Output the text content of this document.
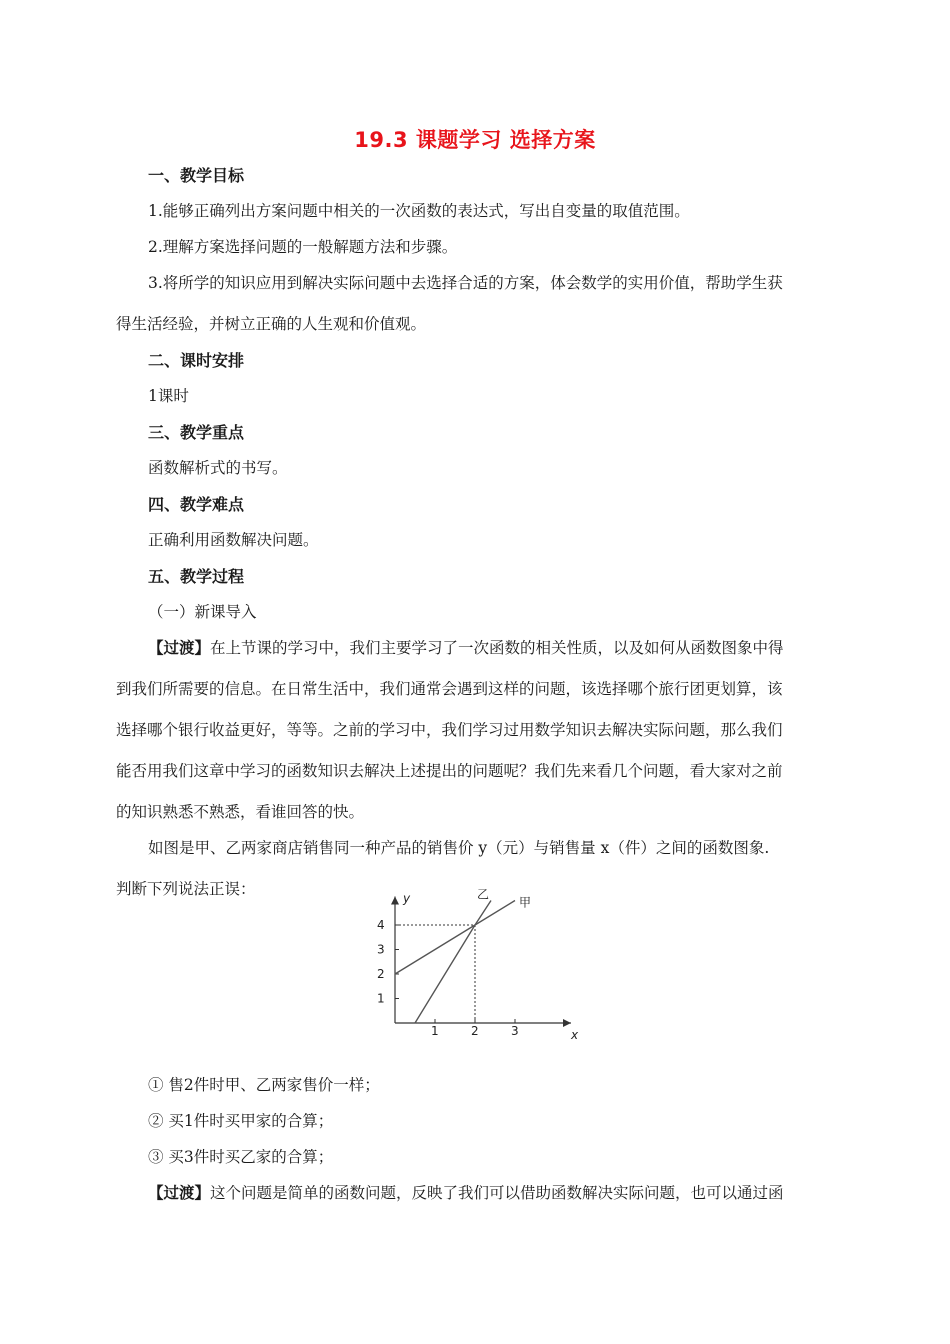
19.3 课题学习 选择方案
一、教学目标
1.能够正确列出方案问题中相关的一次函数的表达式，写出自变量的取值范围。
2.理解方案选择问题的一般解题方法和步骤。
3.将所学的知识应用到解决实际问题中去选择合适的方案，体会数学的实用价值，帮助学生获
得生活经验，并树立正确的人生观和价值观。
二、课时安排
1课时
三、教学重点
函数解析式的书写。
四、教学难点
正确利用函数解决问题。
五、教学过程
（一）新课导入
【过渡】在上节课的学习中，我们主要学习了一次函数的相关性质，以及如何从函数图象中得
到我们所需要的信息。在日常生活中，我们通常会遇到这样的问题，该选择哪个旅行团更划算，该
选择哪个银行收益更好，等等。之前的学习中，我们学习过用数学知识去解决实际问题，那么我们
能否用我们这章中学习的函数知识去解决上述提出的问题呢？我们先来看几个问题，看大家对之前
的知识熟悉不熟悉，看谁回答的快。
如图是甲、乙两家商店销售同一种产品的销售价 y（元）与销售量 x（件）之间的函数图象.
判断下列说法正误：
x
y
1	2	3
1
2
3
4
甲
乙
① 售2件时甲、乙两家售价一样；
② 买1件时买甲家的合算；
③ 买3件时买乙家的合算；
【过渡】这个问题是简单的函数问题，反映了我们可以借助函数解决实际问题，也可以通过函
